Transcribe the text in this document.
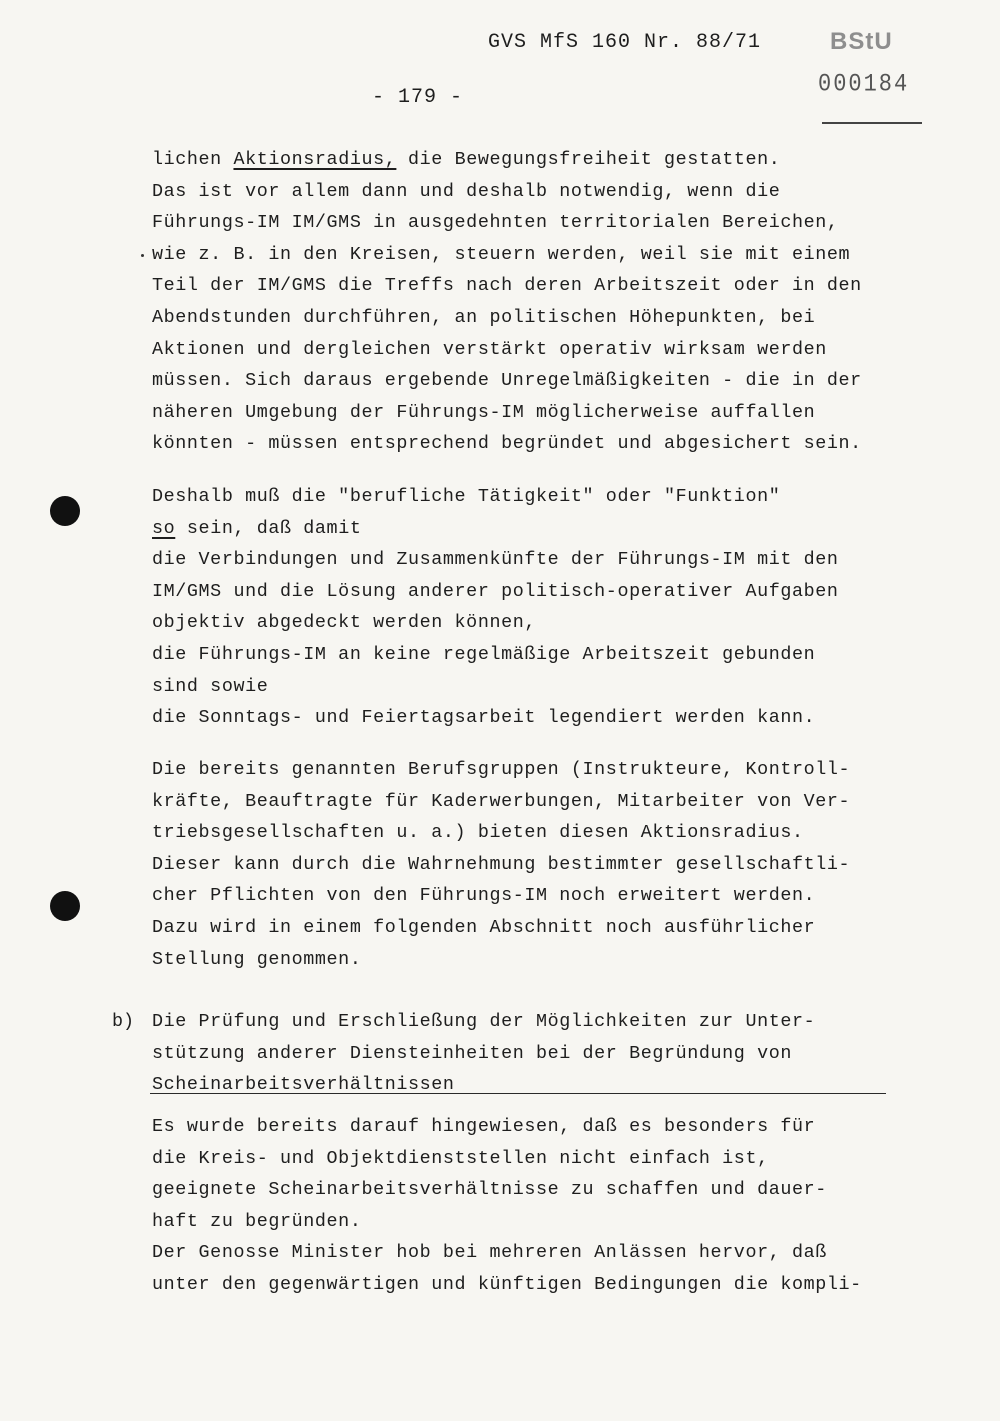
GVS MfS 160 Nr. 88/71	BStU
000184
- 179 -
lichen Aktionsradius, die Bewegungsfreiheit gestatten.
Das ist vor allem dann und deshalb notwendig, wenn die
Führungs-IM IM/GMS in ausgedehnten territorialen Bereichen,
wie z. B. in den Kreisen, steuern werden, weil sie mit einem
Teil der IM/GMS die Treffs nach deren Arbeitszeit oder in den
Abendstunden durchführen, an politischen Höhepunkten, bei
Aktionen und dergleichen verstärkt operativ wirksam werden
müssen. Sich daraus ergebende Unregelmäßigkeiten - die in der
näheren Umgebung der Führungs-IM möglicherweise auffallen
könnten - müssen entsprechend begründet und abgesichert sein.
Deshalb muß die "berufliche Tätigkeit" oder "Funktion"
so sein, daß damit
die Verbindungen und Zusammenkünfte der Führungs-IM mit den
IM/GMS und die Lösung anderer politisch-operativer Aufgaben
objektiv abgedeckt werden können,
die Führungs-IM an keine regelmäßige Arbeitszeit gebunden
sind sowie
die Sonntags- und Feiertagsarbeit legendiert werden kann.
Die bereits genannten Berufsgruppen (Instrukteure, Kontroll-
kräfte, Beauftragte für Kaderwerbungen, Mitarbeiter von Ver-
triebsgesellschaften u. a.) bieten diesen Aktionsradius.
Dieser kann durch die Wahrnehmung bestimmter gesellschaftli-
cher Pflichten von den Führungs-IM noch erweitert werden.
Dazu wird in einem folgenden Abschnitt noch ausführlicher
Stellung genommen.
b) Die Prüfung und Erschließung der Möglichkeiten zur Unter-
stützung anderer Diensteinheiten bei der Begründung von
Scheinarbeitsverhältnissen
Es wurde bereits darauf hingewiesen, daß es besonders für
die Kreis- und Objektdienststellen nicht einfach ist,
geeignete Scheinarbeitsverhältnisse zu schaffen und dauer-
haft zu begründen.
Der Genosse Minister hob bei mehreren Anlässen hervor, daß
unter den gegenwärtigen und künftigen Bedingungen die kompli-
